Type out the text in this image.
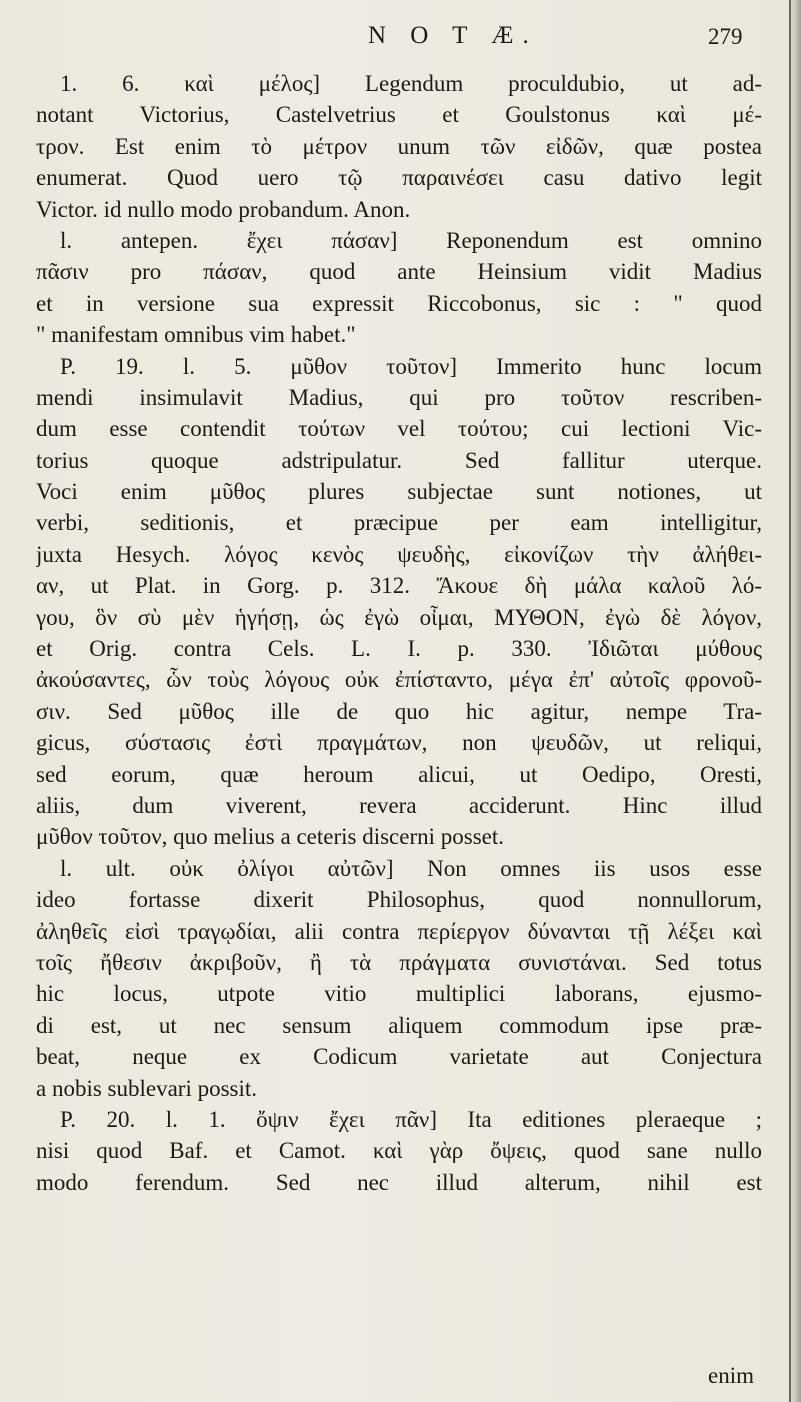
N O T Æ.	279
1. 6. καὶ μέλος] Legendum proculdubio, ut ad-
notant Victorius, Castelvetrius et Goulstonus καὶ μέ-
τρον. Est enim τὸ μέτρον unum τῶν εἰδῶν, quæ postea
enumerat. Quod uero τῷ παραινέσει casu dativo legit
Victor. id nullo modo probandum. Anon.
l. antepen. ἔχει πάσαν] Reponendum est omnino
πᾶσιν pro πάσαν, quod ante Heinsium vidit Madius
et in versione sua expressit Riccobonus, sic : " quod
" manifestam omnibus vim habet."
P. 19. l. 5. μῦθον τοῦτον] Immerito hunc locum
mendi insimulavit Madius, qui pro τοῦτον rescriben-
dum esse contendit τούτων vel τούτου; cui lectioni Vic-
torius quoque adstripulatur. Sed fallitur uterque.
Voci enim μῦθος plures subjectae sunt notiones, ut
verbi, seditionis, et præcipue per eam intelligitur,
juxta Hesych. λόγος κενὸς ψευδὴς, εἰκονίζων τὴν ἀλήθει-
αν, ut Plat. in Gorg. p. 312. Ἄκουε δὴ μάλα καλοῦ λό-
γου, ὃν σὺ μὲν ἡγήσῃ, ὡς ἐγὼ οἶμαι, ΜΥΘΟΝ, ἐγὼ δὲ λόγον,
et Orig. contra Cels. L. I. p. 330. Ἰδιῶται μύθους
ἀκούσαντες, ὧν τοὺς λόγους οὐκ ἐπίσταντο, μέγα ἐπ' αὐτοῖς φρονοῦ-
σιν. Sed μῦθος ille de quo hic agitur, nempe Tra-
gicus, σύστασις ἐστὶ πραγμάτων, non ψευδῶν, ut reliqui,
sed eorum, quæ heroum alicui, ut Oedipo, Oresti,
aliis, dum viverent, revera acciderunt. Hinc illud
μῦθον τοῦτον, quo melius a ceteris discerni posset.
l. ult. οὐκ ὀλίγοι αὐτῶν] Non omnes iis usos esse
ideo fortasse dixerit Philosophus, quod nonnullorum,
ἀληθεῖς εἰσὶ τραγῳδίαι, alii contra περίεργον δύνανται τῇ λέξει καὶ
τοῖς ἤθεσιν ἀκριβοῦν, ἢ τὰ πράγματα συνιστάναι. Sed totus
hic locus, utpote vitio multiplici laborans, ejusmo-
di est, ut nec sensum aliquem commodum ipse præ-
beat, neque ex Codicum varietate aut Conjectura
a nobis sublevari possit.
P. 20. l. 1. ὄψιν ἔχει πᾶν] Ita editiones pleraeque ;
nisi quod Baf. et Camot. καὶ γὰρ ὄψεις, quod sane nullo
modo ferendum. Sed nec illud alterum, nihil est
enim
